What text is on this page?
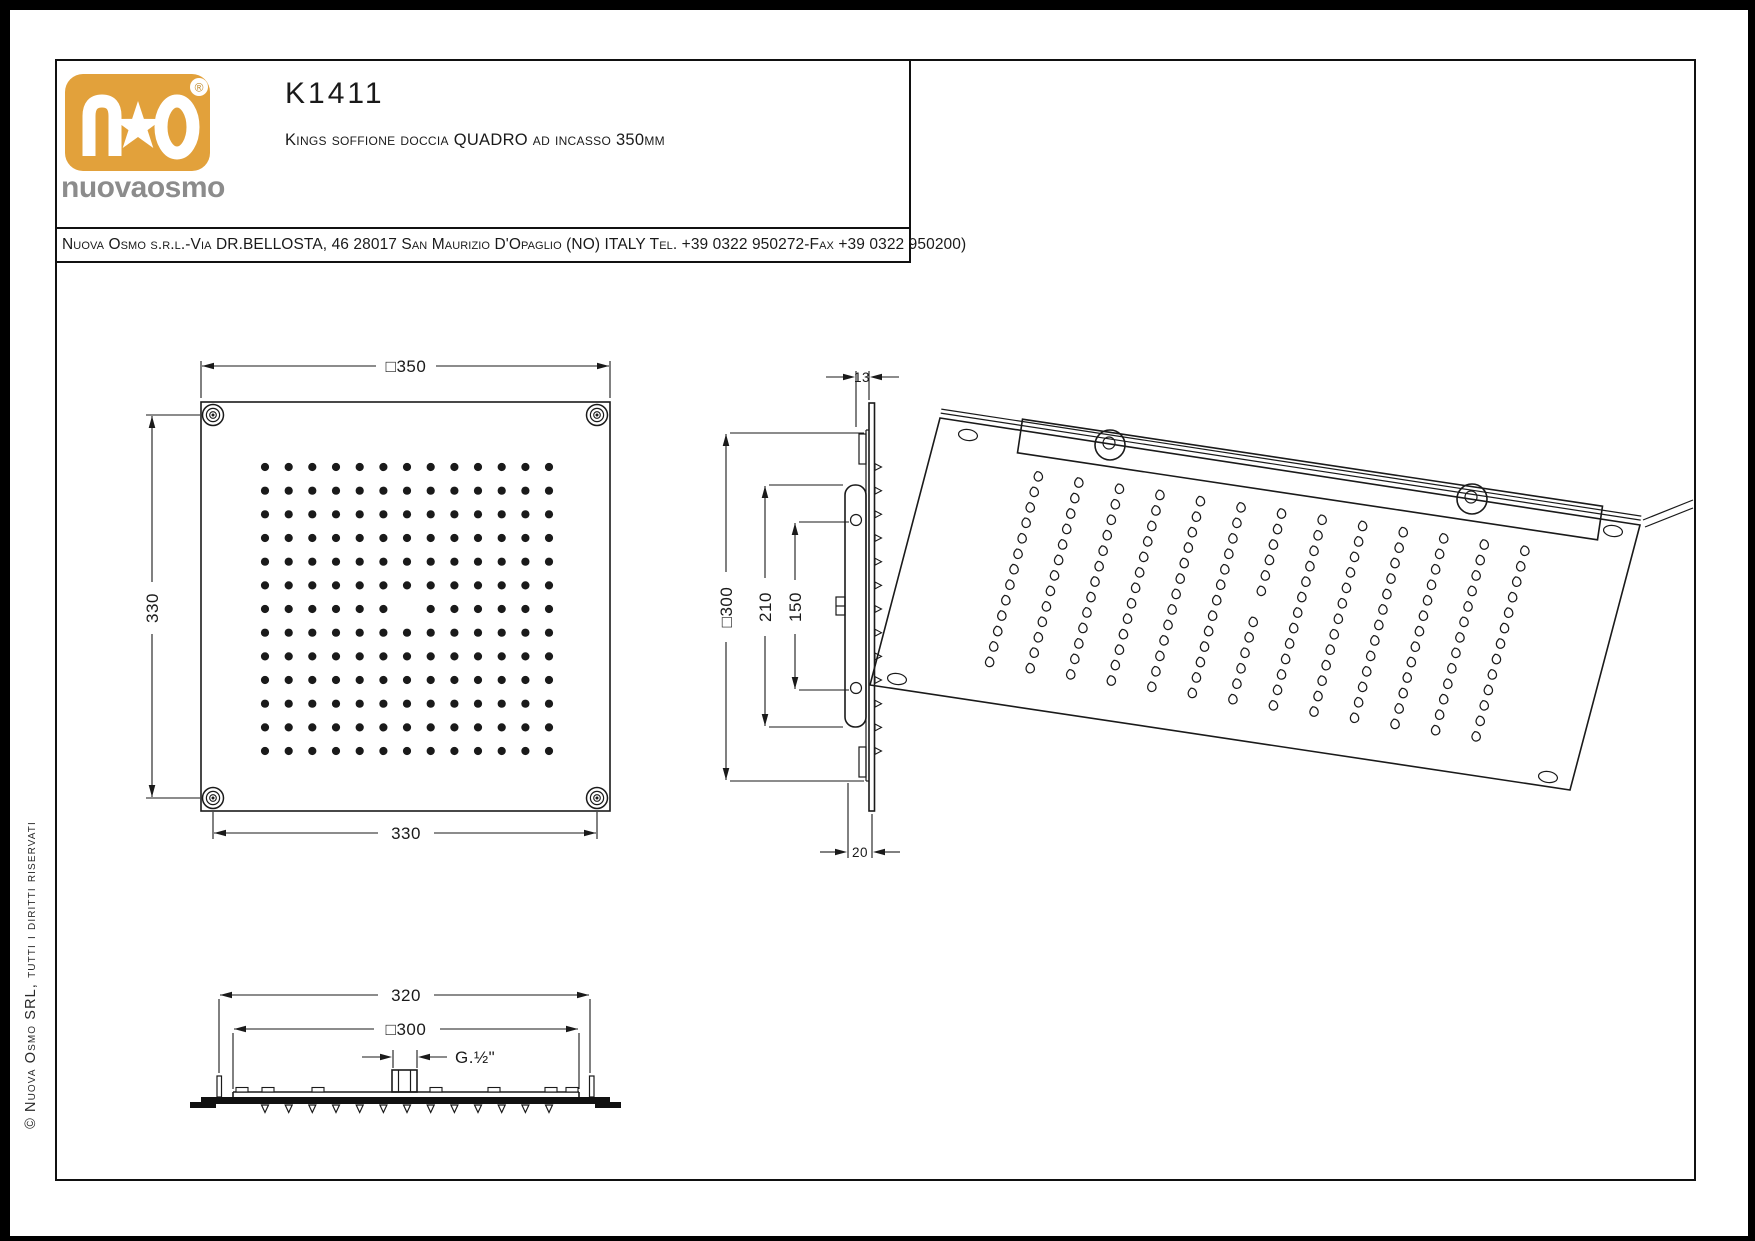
®
nuovaosmo
K1411
Kings soffione doccia QUADRO ad incasso 350mm
Nuova Osmo s.r.l.-Via DR.BELLOSTA, 46 28017 San Maurizio D'Opaglio (NO) ITALY Tel. +39 0322 950272-Fax +39 0322 950200)
© Nuova Osmo SRL, tutti i diritti riservati
□350
330
330
13
□300 210 150
20
320
□300
G.½"
